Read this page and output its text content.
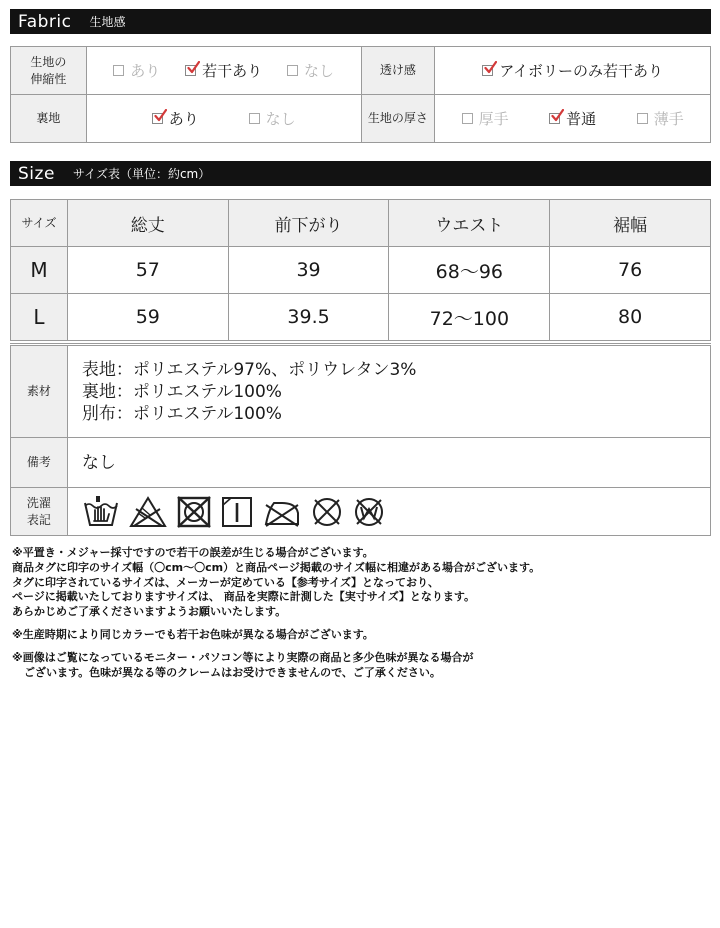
Fabric 生地感
生地の
伸縮性	あり 若干あり なし	透け感	アイボリーのみ若干あり

裏地	あり なし	生地の厚さ	厚手 普通 薄手
Size サイズ表（単位：約cm）
サイズ	総丈	前下がり	ウエスト	裾幅
M	57	39	68〜96	76
L	59	39.5	72〜100	80
素材	表地：ポリエステル97%、ポリウレタン3%
裏地：ポリエステル100%
別布：ポリエステル100%

備考	なし
洗濯
表記	
※平置き・メジャー採寸ですので若干の誤差が生じる場合がございます。
商品タグに印字のサイズ幅（〇cm〜〇cm）と商品ページ掲載のサイズ幅に相違がある場合がございます。
タグに印字されているサイズは、メーカーが定めている【参考サイズ】となっており、
ページに掲載いたしておりますサイズは、 商品を実際に計測した【実寸サイズ】となります。
あらかじめご了承くださいますようお願いいたします。
※生産時期により同じカラーでも若干お色味が異なる場合がございます。
※画像はご覧になっているモニター・パソコン等により実際の商品と多少色味が異なる場合が
ございます。色味が異なる等のクレームはお受けできませんので、ご了承ください。
